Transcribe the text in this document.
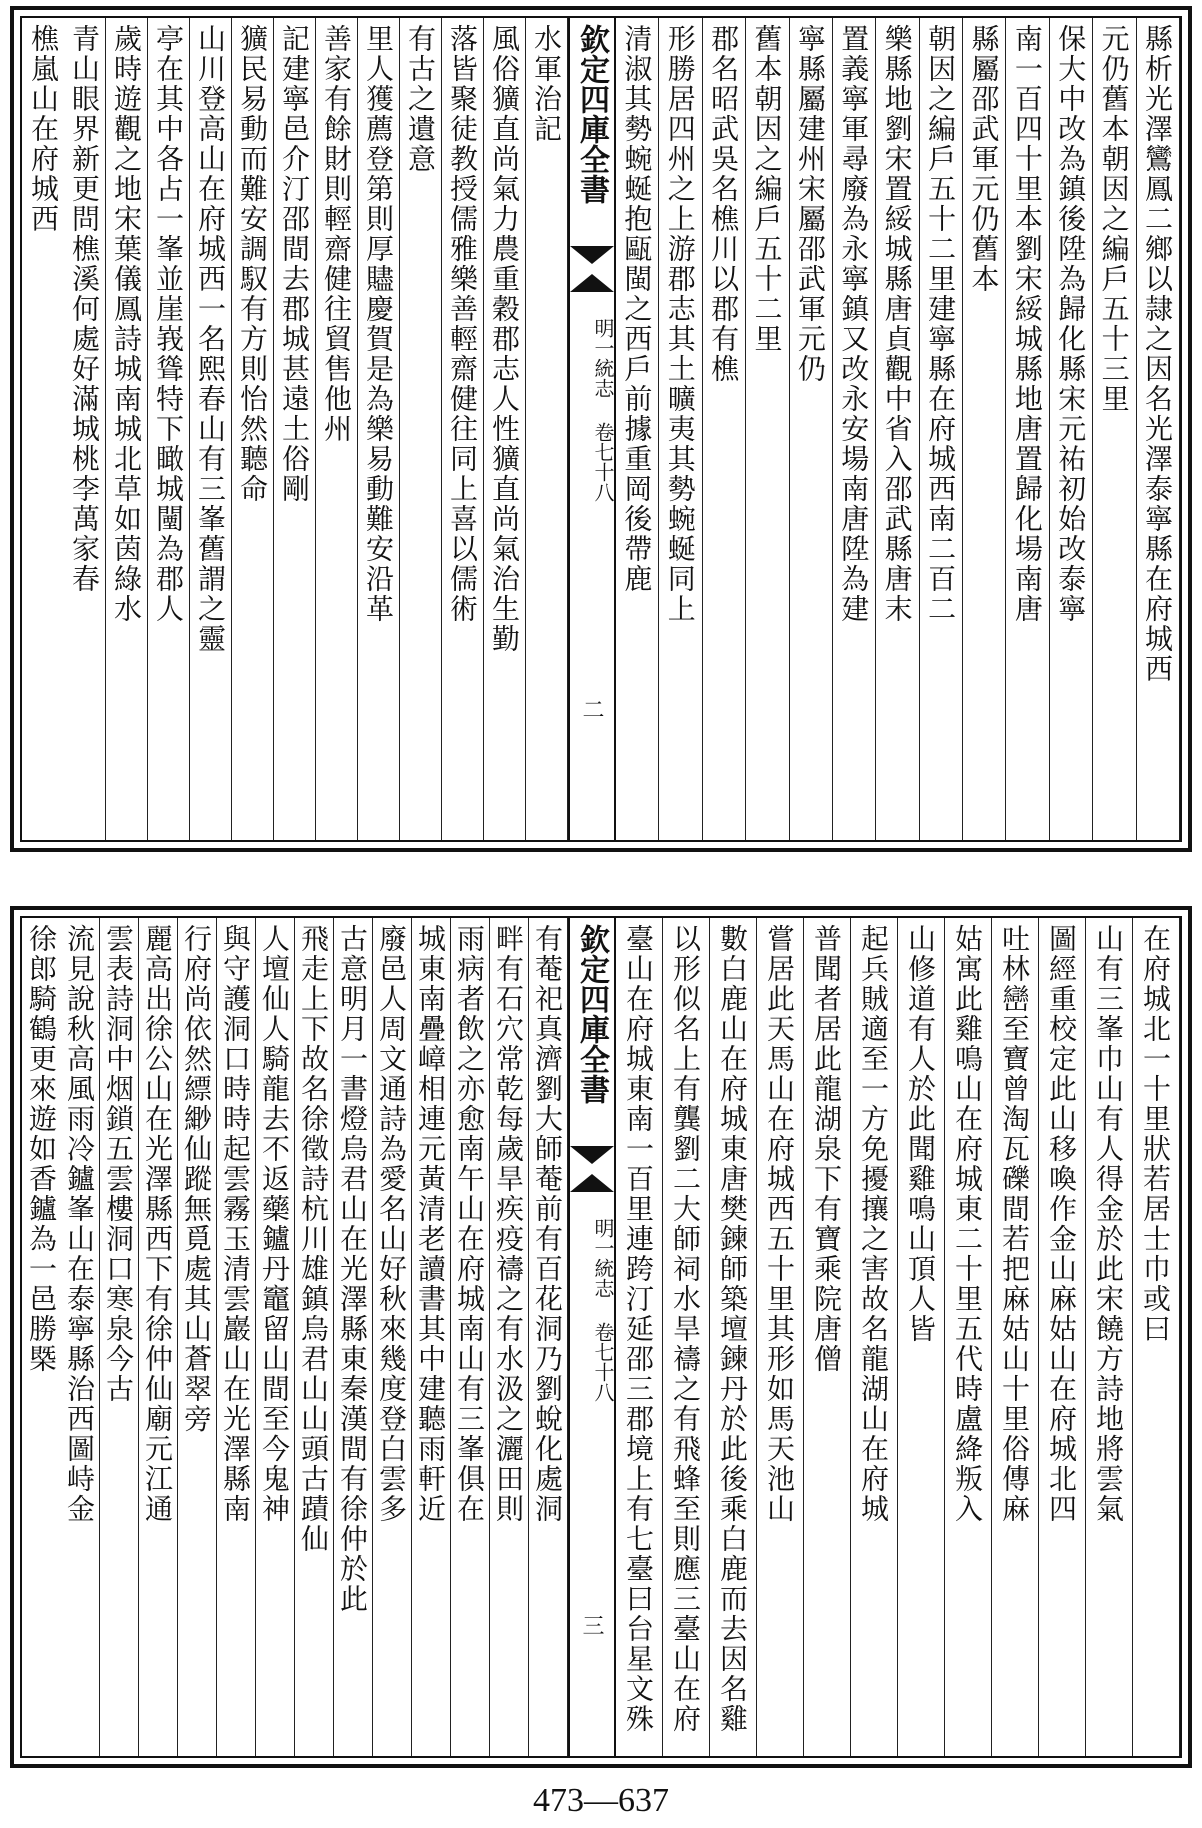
縣析光澤鸞鳳二鄉以隷之因名光澤泰寧縣在府城西
元仍舊本朝因之編戶五十三里
保大中改為鎮後陞為歸化縣宋元祐初始改泰寧
南一百四十里本劉宋綏城縣地唐置歸化場南唐
縣屬邵武軍元仍舊本
朝因之編戶五十二里建寧縣在府城西南二百二
樂縣地劉宋置綏城縣唐貞觀中省入邵武縣唐末
置義寧軍尋廢為永寧鎮又改永安場南唐陞為建
寧縣屬建州宋屬邵武軍元仍
舊本朝因之編戶五十二里
郡名昭武吳名樵川以郡有樵
形勝居四州之上游郡志其土曠夷其勢蜿蜒同上
清淑其勢蜿蜒抱甌閩之西戶前據重岡後帶鹿
欽定四庫全書
明一統志 卷七十八
二
水軍治記
風俗獷直尚氣力農重穀郡志人性獷直尚氣治生勤
落皆聚徒教授儒雅樂善輕齋健往同上喜以儒術
有古之遺意
里人獲薦登第則厚贐慶賀是為樂易動難安沿革
善家有餘財則輕齋健往貿售他州
記建寧邑介汀邵間去郡城甚遠土俗剛
獷民易動而難安調馭有方則怡然聽命
山川登高山在府城西一名熙春山有三峯舊謂之靈
亭在其中各占一峯並崖峩聳特下瞰城闉為郡人
歲時遊觀之地宋葉儀鳳詩城南城北草如茵綠水
青山眼界新更問樵溪何處好滿城桃李萬家春
樵嵐山在府城西
在府城北一十里狀若居士巾或曰
山有三峯巾山有人得金於此宋饒方詩地將雲氣
圖經重校定此山移喚作金山麻姑山在府城北四
吐林巒至寶曾淘瓦礫間若把麻姑山十里俗傳麻
姑寓此雞鳴山在府城東二十里五代時盧絳叛入
山修道有人於此聞雞鳴山頂人皆
起兵賊適至一方免擾攘之害故名龍湖山在府城
普聞者居此龍湖泉下有寶乘院唐僧
嘗居此天馬山在府城西五十里其形如馬天池山
數白鹿山在府城東唐樊鍊師築壇鍊丹於此後乘白鹿而去因名雞
以形似名上有龔劉二大師祠水旱禱之有飛蜂至則應三臺山在府
臺山在府城東南一百里連跨汀延邵三郡境上有七臺曰台星文殊
欽定四庫全書
明一統志 卷七十八
三
有菴祀真濟劉大師菴前有百花洞乃劉蛻化處洞
畔有石穴常乾每歲旱疾疫禱之有水汲之灑田則
雨病者飲之亦愈南午山在府城南山有三峯俱在
城東南疊嶂相連元黃清老讀書其中建聽雨軒近
廢邑人周文通詩為愛名山好秋來幾度登白雲多
古意明月一書燈烏君山在光澤縣東秦漢間有徐仲於此
飛走上下故名徐徵詩杭川雄鎮烏君山山頭古蹟仙
人壇仙人騎龍去不返藥鑪丹竈留山間至今鬼神
與守護洞口時時起雲霧玉清雲巖山在光澤縣南
行府尚依然縹緲仙蹤無覓處其山蒼翠旁
麗高出徐公山在光澤縣西下有徐仲仙廟元江通
雲表詩洞中烟鎖五雲樓洞口寒泉今古
流見說秋高風雨冷鑪峯山在泰寧縣治西圖峙金
徐郎騎鶴更來遊如香鑪為一邑勝槩
473—637
